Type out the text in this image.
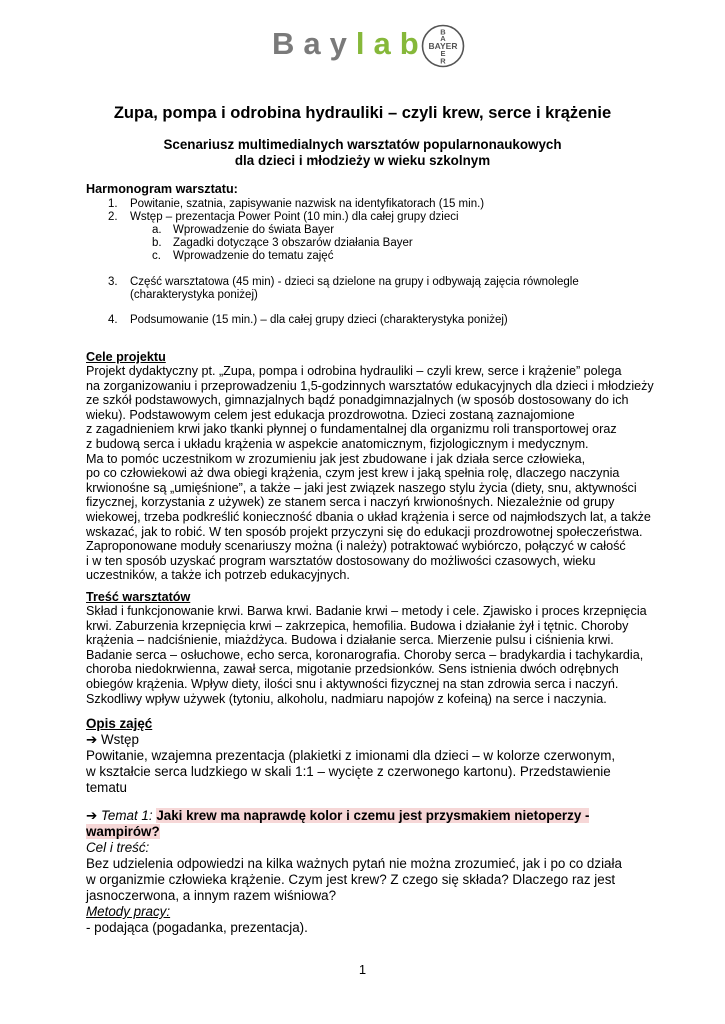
Baylab BAYER
B
A
E
R
Zupa, pompa i odrobina hydrauliki – czyli krew, serce i krążenie
Scenariusz multimedialnych warsztatów popularnonaukowych
dla dzieci i młodzieży w wieku szkolnym
Harmonogram warsztatu:
1. Powitanie, szatnia, zapisywanie nazwisk na identyfikatorach (15 min.)
2. Wstęp – prezentacja Power Point (10 min.) dla całej grupy dzieci
a. Wprowadzenie do świata Bayer
b. Zagadki dotyczące 3 obszarów działania Bayer
c. Wprowadzenie do tematu zajęć
3. Część warsztatowa (45 min) - dzieci są dzielone na grupy i odbywają zajęcia równolegle
(charakterystyka poniżej)
4. Podsumowanie (15 min.) – dla całej grupy dzieci (charakterystyka poniżej)
Cele projektu
Projekt dydaktyczny pt. „Zupa, pompa i odrobina hydrauliki – czyli krew, serce i krążenie” polega
na zorganizowaniu i przeprowadzeniu 1,5-godzinnych warsztatów edukacyjnych dla dzieci i młodzieży
ze szkół podstawowych, gimnazjalnych bądź ponadgimnazjalnych (w sposób dostosowany do ich
wieku). Podstawowym celem jest edukacja prozdrowotna. Dzieci zostaną zaznajomione
z zagadnieniem krwi jako tkanki płynnej o fundamentalnej dla organizmu roli transportowej oraz
z budową serca i układu krążenia w aspekcie anatomicznym, fizjologicznym i medycznym.
Ma to pomóc uczestnikom w zrozumieniu jak jest zbudowane i jak działa serce człowieka,
po co człowiekowi aż dwa obiegi krążenia, czym jest krew i jaką spełnia rolę, dlaczego naczynia
krwionośne są „umięśnione”, a także – jaki jest związek naszego stylu życia (diety, snu, aktywności
fizycznej, korzystania z używek) ze stanem serca i naczyń krwionośnych. Niezależnie od grupy
wiekowej, trzeba podkreślić konieczność dbania o układ krążenia i serce od najmłodszych lat, a także
wskazać, jak to robić. W ten sposób projekt przyczyni się do edukacji prozdrowotnej społeczeństwa.
Zaproponowane moduły scenariuszy można (i należy) potraktować wybiórczo, połączyć w całość
i w ten sposób uzyskać program warsztatów dostosowany do możliwości czasowych, wieku
uczestników, a także ich potrzeb edukacyjnych.
Treść warsztatów
Skład i funkcjonowanie krwi. Barwa krwi. Badanie krwi – metody i cele. Zjawisko i proces krzepnięcia
krwi. Zaburzenia krzepnięcia krwi – zakrzepica, hemofilia. Budowa i działanie żył i tętnic. Choroby
krążenia – nadciśnienie, miażdżyca. Budowa i działanie serca. Mierzenie pulsu i ciśnienia krwi.
Badanie serca – osłuchowe, echo serca, koronarografia. Choroby serca – bradykardia i tachykardia,
choroba niedokrwienna, zawał serca, migotanie przedsionków. Sens istnienia dwóch odrębnych
obiegów krążenia. Wpływ diety, ilości snu i aktywności fizycznej na stan zdrowia serca i naczyń.
Szkodliwy wpływ używek (tytoniu, alkoholu, nadmiaru napojów z kofeiną) na serce i naczynia.
Opis zajęć
➔ Wstęp
Powitanie, wzajemna prezentacja (plakietki z imionami dla dzieci – w kolorze czerwonym,
w kształcie serca ludzkiego w skali 1:1 – wycięte z czerwonego kartonu). Przedstawienie
tematu
➔ Temat 1: Jaki krew ma naprawdę kolor i czemu jest przysmakiem nietoperzy -
wampirów?
Cel i treść:
Bez udzielenia odpowiedzi na kilka ważnych pytań nie można zrozumieć, jak i po co działa
w organizmie człowieka krążenie. Czym jest krew? Z czego się składa? Dlaczego raz jest
jasnoczerwona, a innym razem wiśniowa?
Metody pracy:
- podająca (pogadanka, prezentacja).
1
